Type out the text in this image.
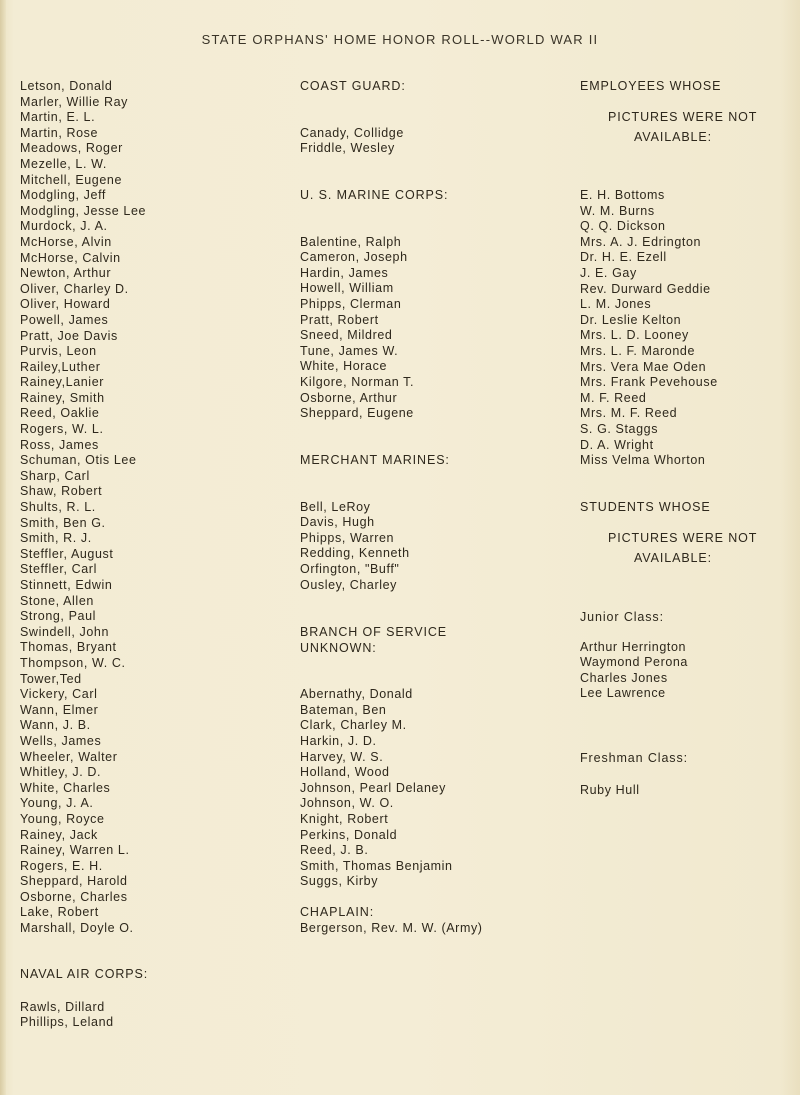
STATE ORPHANS' HOME HONOR ROLL--WORLD WAR II
Letson, Donald
Marler, Willie Ray
Martin, E. L.
Martin, Rose
Meadows, Roger
Mezelle, L. W.
Mitchell, Eugene
Modgling, Jeff
Modgling, Jesse Lee
Murdock, J. A.
McHorse, Alvin
McHorse, Calvin
Newton, Arthur
Oliver, Charley D.
Oliver, Howard
Powell, James
Pratt, Joe Davis
Purvis, Leon
Railey,Luther
Rainey,Lanier
Rainey, Smith
Reed, Oaklie
Rogers, W. L.
Ross, James
Schuman, Otis Lee
Sharp, Carl
Shaw, Robert
Shults, R. L.
Smith, Ben G.
Smith, R. J.
Steffler, August
Steffler, Carl
Stinnett, Edwin
Stone, Allen
Strong, Paul
Swindell, John
Thomas, Bryant
Thompson, W. C.
Tower,Ted
Vickery, Carl
Wann, Elmer
Wann, J. B.
Wells, James
Wheeler, Walter
Whitley, J. D.
White, Charles
Young, J. A.
Young, Royce
Rainey, Jack
Rainey, Warren L.
Rogers, E. H.
Sheppard, Harold
Osborne, Charles
Lake, Robert
Marshall, Doyle O.
NAVAL AIR CORPS:
Rawls, Dillard
Phillips, Leland
COAST GUARD:
Canady, Collidge
Friddle, Wesley
U. S. MARINE CORPS:
Balentine, Ralph
Cameron, Joseph
Hardin, James
Howell, William
Phipps, Clerman
Pratt, Robert
Sneed, Mildred
Tune, James W.
White, Horace
Kilgore, Norman T.
Osborne, Arthur
Sheppard, Eugene
MERCHANT MARINES:
Bell, LeRoy
Davis, Hugh
Phipps, Warren
Redding, Kenneth
Orfington, "Buff"
Ousley, Charley
BRANCH OF SERVICE
UNKNOWN:
Abernathy, Donald
Bateman, Ben
Clark, Charley M.
Harkin, J. D.
Harvey, W. S.
Holland, Wood
Johnson, Pearl Delaney
Johnson, W. O.
Knight, Robert
Perkins, Donald
Reed, J. B.
Smith, Thomas Benjamin
Suggs, Kirby
CHAPLAIN:
Bergerson, Rev. M. W. (Army)
EMPLOYEES WHOSE
PICTURES WERE NOT
AVAILABLE:
E. H. Bottoms
W. M. Burns
Q. Q. Dickson
Mrs. A. J. Edrington
Dr. H. E. Ezell
J. E. Gay
Rev. Durward Geddie
L. M. Jones
Dr. Leslie Kelton
Mrs. L. D. Looney
Mrs. L. F. Maronde
Mrs. Vera Mae Oden
Mrs. Frank Pevehouse
M. F. Reed
Mrs. M. F. Reed
S. G. Staggs
D. A. Wright
Miss Velma Whorton
STUDENTS WHOSE
PICTURES WERE NOT
AVAILABLE:
Junior Class:
Arthur Herrington
Waymond Perona
Charles Jones
Lee Lawrence
Freshman Class:
Ruby Hull
